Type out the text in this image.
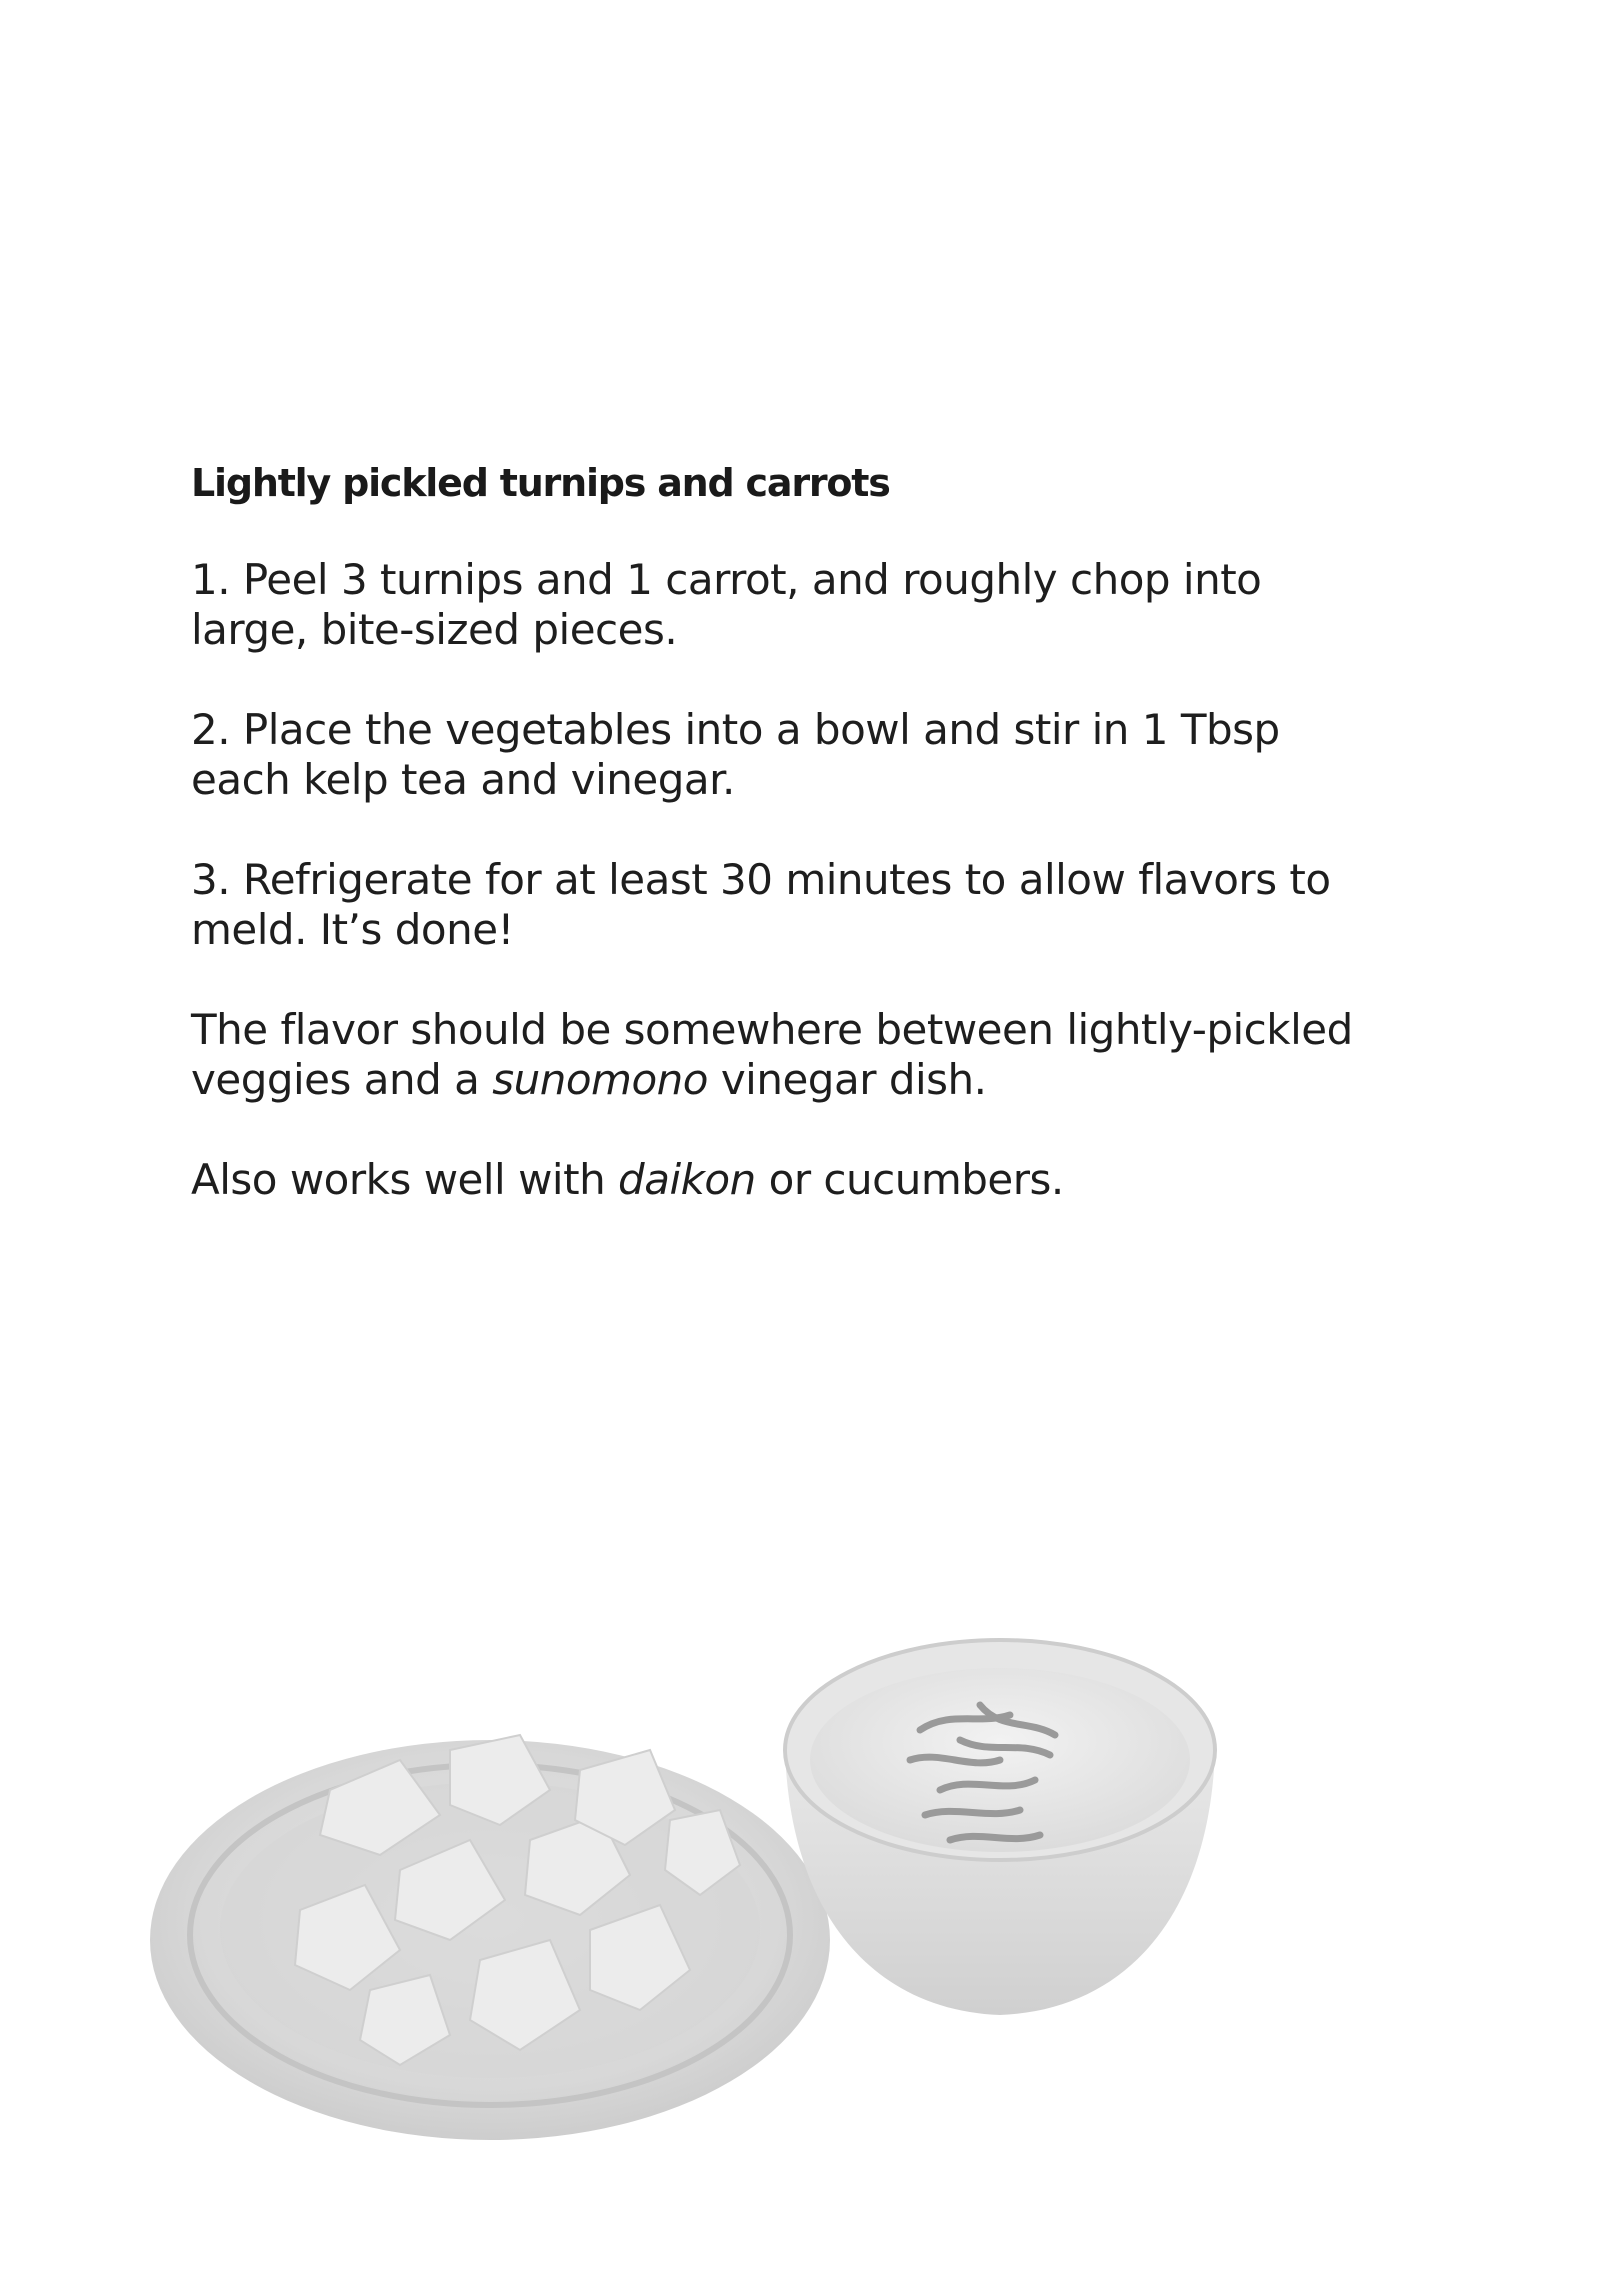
Lightly pickled turnips and carrots

1. Peel 3 turnips and 1 carrot, and roughly chop into
large, bite-sized pieces.

2. Place the vegetables into a bowl and stir in 1 Tbsp
each kelp tea and vinegar.

3. Refrigerate for at least 30 minutes to allow flavors to
meld. It’s done!

The flavor should be somewhere between lightly-pickled
veggies and a sunomono vinegar dish.

Also works well with daikon or cucumbers.
